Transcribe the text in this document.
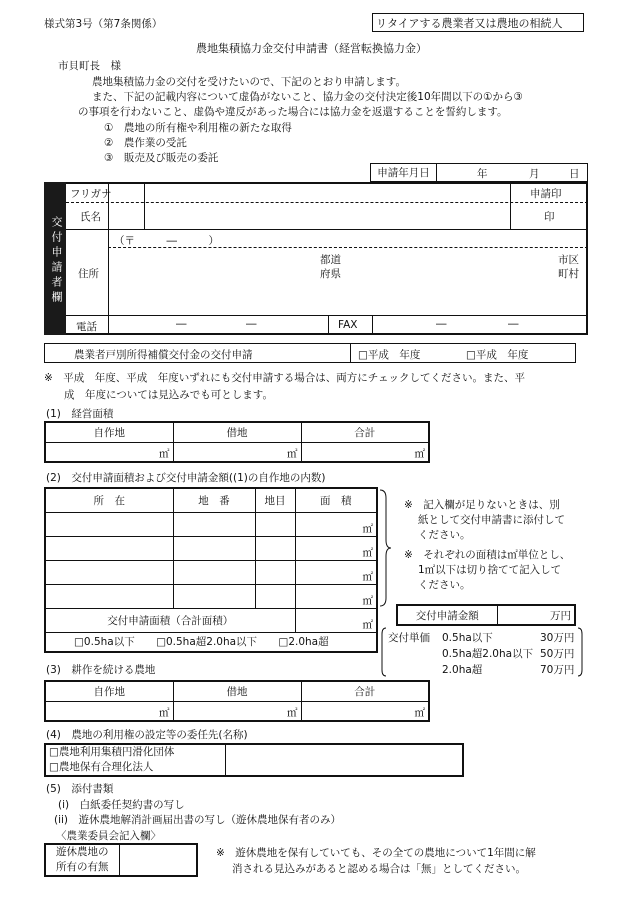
様式第3号（第7条関係）	リタイアする農業者又は農地の相続人
農地集積協力金交付申請書（経営転換協力金）
市貝町長　様
農地集積協力金の交付を受けたいので、下記のとおり申請します。
また、下記の記載内容について虚偽がないこと、協力金の交付決定後10年間以下の①から③
の事項を行わないこと、虚偽や違反があった場合には協力金を返還することを誓約します。
①　農地の所有権や利用権の新たな取得
②　農作業の受託
③　販売及び販売の委託
申請年月日	年	月	日
交付申請者欄
フリガナ	申請印
氏名	印
住所
（〒　　　―　　　）
都道
府県
市区
町村
電話	―	―	FAX	―	―
農業者戸別所得補償交付金の交付申請	□平成　年度	□平成　年度
※　平成　年度、平成　年度いずれにも交付申請する場合は、両方にチェックしてください。また、平
成　年度については見込みでも可とします。
(1)　経営面積
自作地	借地	合計
㎡	㎡	㎡
(2)　交付申請面積および交付申請金額((1)の自作地の内数)
所　在	地　番	地目	面　積
			㎡
			㎡
			㎡
			㎡
交付申請面積（合計面積）			㎡
□0.5ha以下 □0.5ha超2.0ha以下 □2.0ha超			
※　記入欄が足りないときは、別
紙として交付申請書に添付して
ください。
※　それぞれの面積は㎡単位とし、
1㎡以下は切り捨てて記入して
ください。
交付申請金額	万円
交付単価 0.5ha以下	30万円
0.5ha超2.0ha以下 50万円
2.0ha超	70万円
(3)　耕作を続ける農地
自作地	借地	合計
㎡	㎡	㎡
(4)　農地の利用権の設定等の委任先(名称)
□農地利用集積円滑化団体
□農地保有合理化法人

(5)　添付書類
(i)　白紙委任契約書の写し
(ii)　遊休農地解消計画届出書の写し（遊休農地保有者のみ）
〈農業委員会記入欄〉
遊休農地の
所有の有無

※　遊休農地を保有していても、その全ての農地について1年間に解
消される見込みがあると認める場合は「無」としてください。
